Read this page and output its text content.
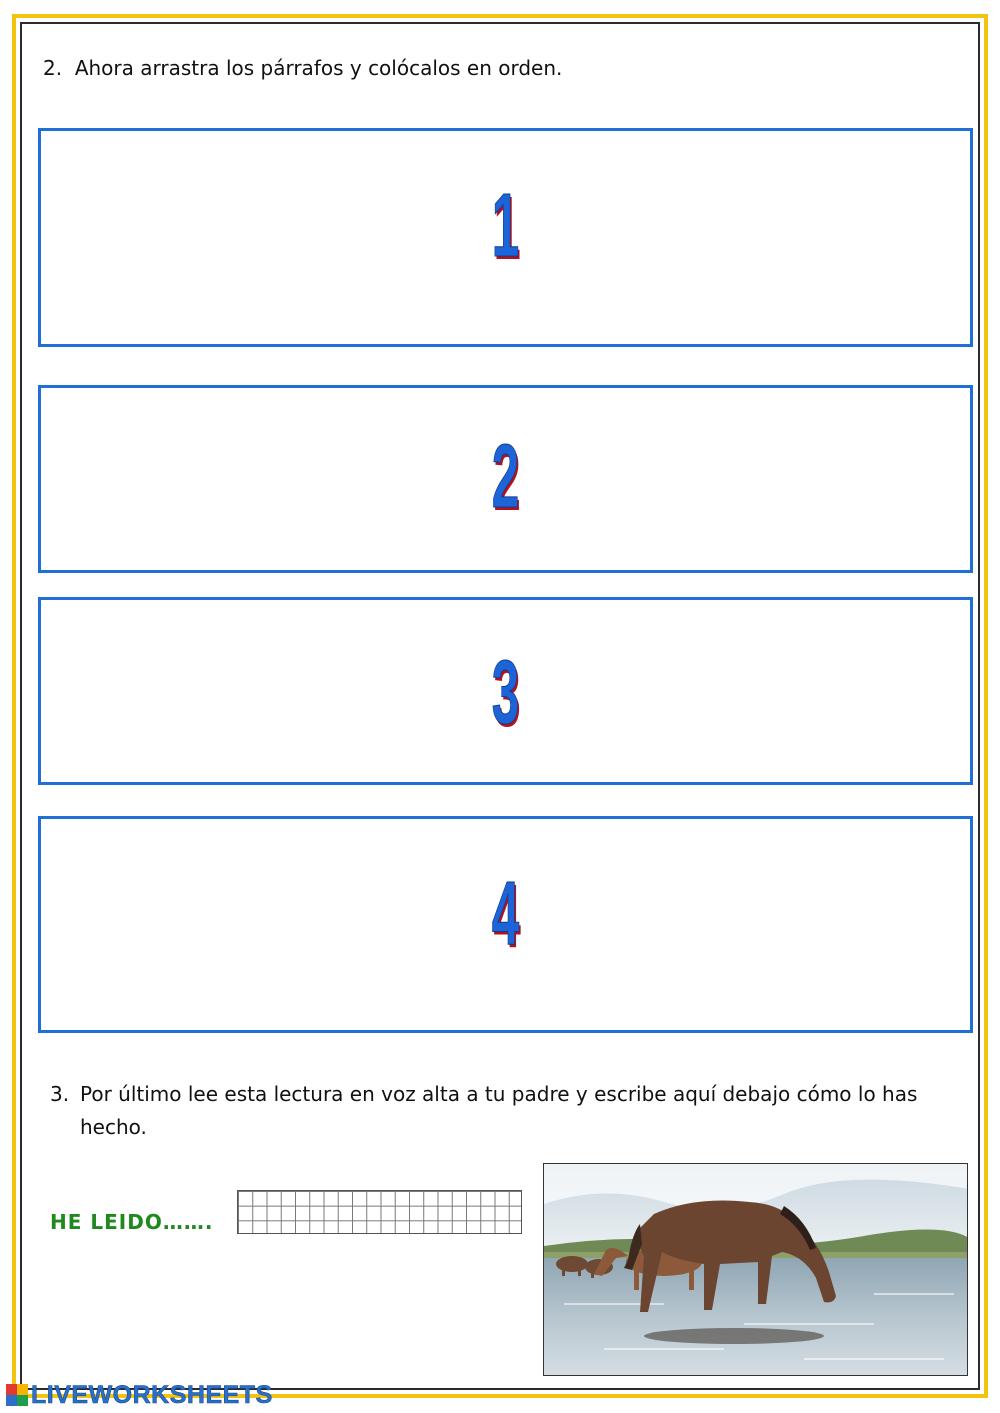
2. Ahora arrastra los párrafos y colócalos en orden.
1
2
3
4
3. Por último lee esta lectura en voz alta a tu padre y escribe aquí debajo cómo lo has hecho.
HE LEIDO…….
LIVEWORKSHEETS
